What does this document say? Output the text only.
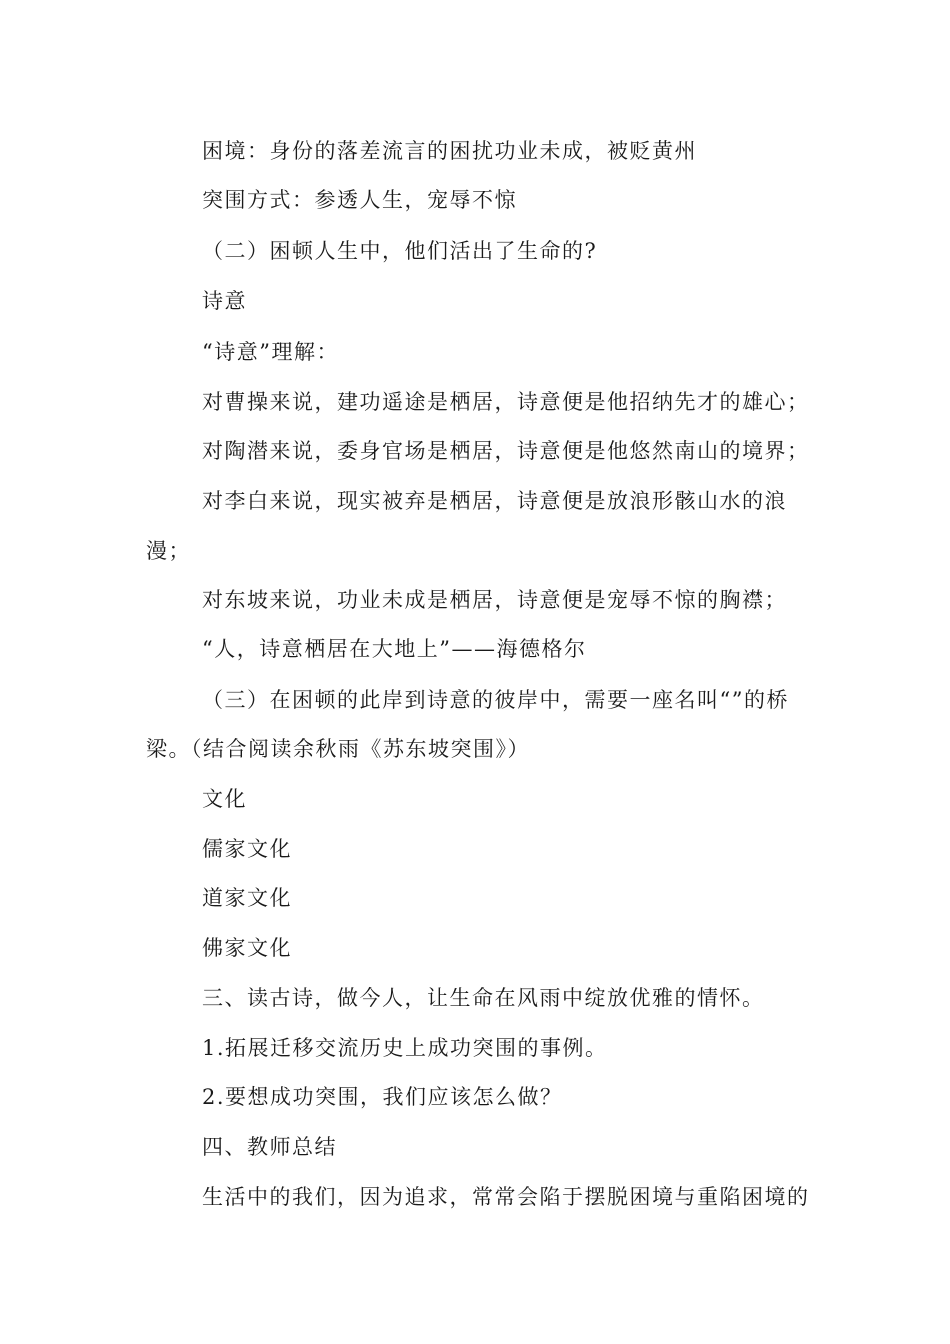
困境：身份的落差流言的困扰功业未成，被贬黄州
突围方式：参透人生，宠辱不惊
（二）困顿人生中，他们活出了生命的?
诗意
“诗意”理解：
对曹操来说，建功遥途是栖居，诗意便是他招纳先才的雄心；
对陶潜来说，委身官场是栖居，诗意便是他悠然南山的境界；
对李白来说，现实被弃是栖居，诗意便是放浪形骸山水的浪
漫；
对东坡来说，功业未成是栖居，诗意便是宠辱不惊的胸襟；
“人，诗意栖居在大地上”——海德格尔
（三）在困顿的此岸到诗意的彼岸中，需要一座名叫“”的桥
梁。（结合阅读余秋雨《苏东坡突围》）
文化
儒家文化
道家文化
佛家文化
三、读古诗，做今人，让生命在风雨中绽放优雅的情怀。
1.拓展迁移交流历史上成功突围的事例。
2.要想成功突围，我们应该怎么做？
四、教师总结
生活中的我们，因为追求，常常会陷于摆脱困境与重陷困境的
